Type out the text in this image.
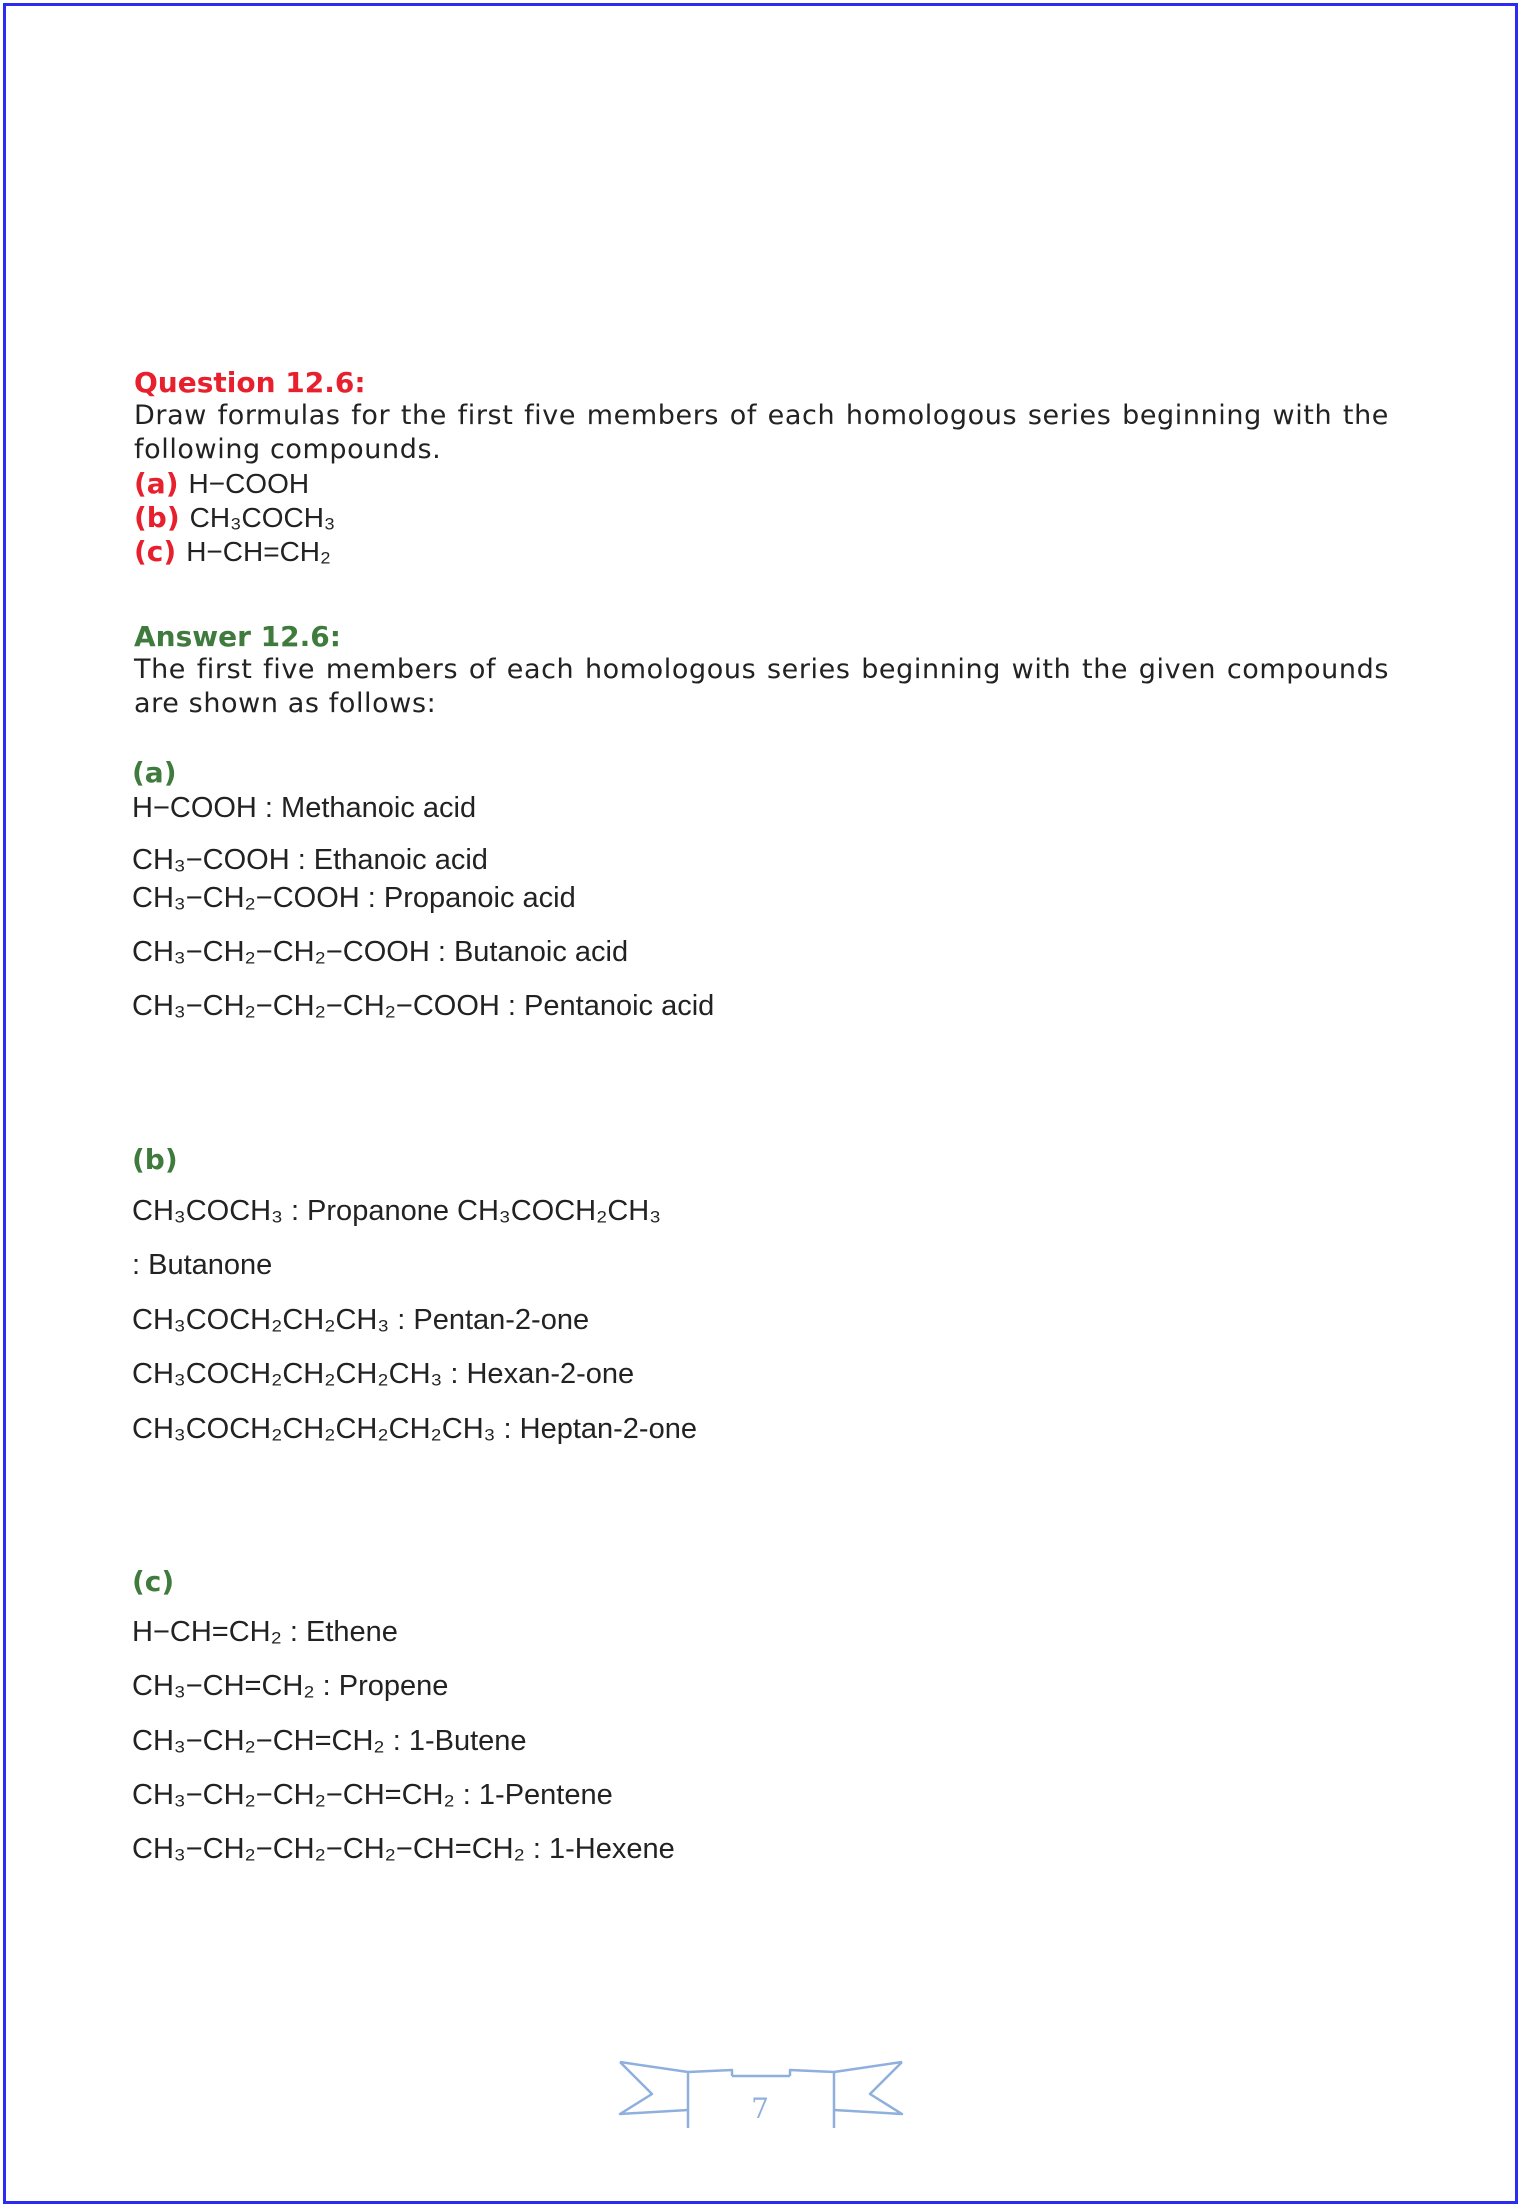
Question 12.6:
Draw formulas for the first five members of each homologous series beginning with the following compounds.
(a) H−COOH
(b) CH₃COCH₃
(c) H−CH=CH₂
Answer 12.6:
The first five members of each homologous series beginning with the given compounds are shown as follows:
(a)
H−COOH : Methanoic acid
CH₃−COOH : Ethanoic acid
CH₃−CH₂−COOH : Propanoic acid
CH₃−CH₂−CH₂−COOH : Butanoic acid
CH₃−CH₂−CH₂−CH₂−COOH : Pentanoic acid
(b)
CH₃COCH₃ : Propanone CH₃COCH₂CH₃
: Butanone
CH₃COCH₂CH₂CH₃ : Pentan-2-one
CH₃COCH₂CH₂CH₂CH₃ : Hexan-2-one
CH₃COCH₂CH₂CH₂CH₂CH₃ : Heptan-2-one
(c)
H−CH=CH₂ : Ethene
CH₃−CH=CH₂ : Propene
CH₃−CH₂−CH=CH₂ : 1-Butene
CH₃−CH₂−CH₂−CH=CH₂ : 1-Pentene
CH₃−CH₂−CH₂−CH₂−CH=CH₂ : 1-Hexene
7
